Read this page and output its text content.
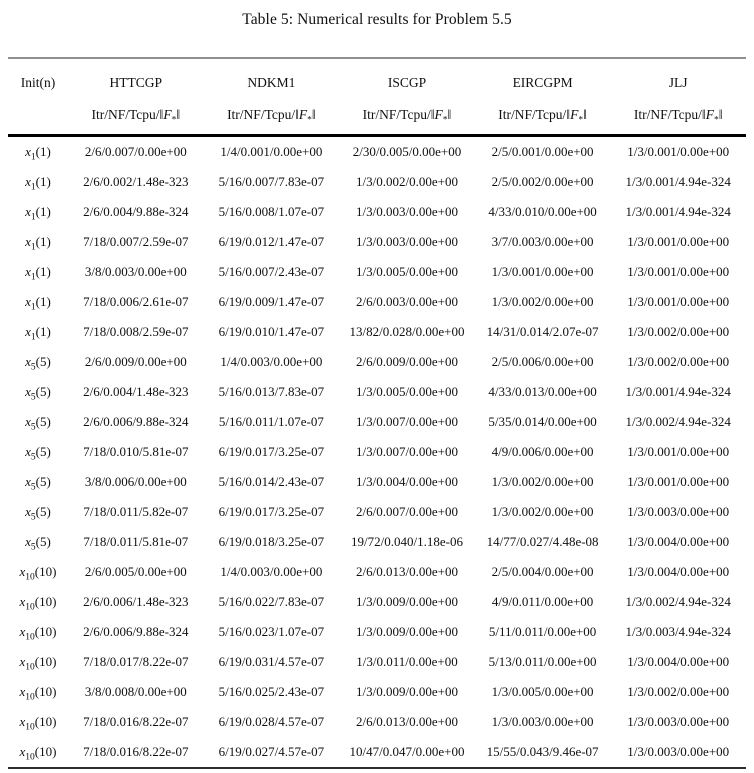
Table 5: Numerical results for Problem 5.5
Init(n)	HTTCGP	NDKM1	ISCGP	EIRCGPM	JLJ
	Itr/$NF/Tcpu/‖F_*‖$	Itr/$NF/Tcpu/‖F_*‖$	Itr/$NF/Tcpu/‖F_*‖$	Itr/$NF/Tcpu/‖F_*‖$	Itr/$NF/Tcpu/‖F_*‖$
$x_1(1)$	2/6/0.007/0.00e+00	1/4/0.001/0.00e+00	2/30/0.005/0.00e+00	2/5/0.001/0.00e+00	1/3/0.001/0.00e+00
$x_1(1)$	2/6/0.002/1.48e-323	5/16/0.007/7.83e-07	1/3/0.002/0.00e+00	2/5/0.002/0.00e+00	1/3/0.001/4.94e-324
$x_1(1)$	2/6/0.004/9.88e-324	5/16/0.008/1.07e-07	1/3/0.003/0.00e+00	4/33/0.010/0.00e+00	1/3/0.001/4.94e-324
$x_1(1)$	7/18/0.007/2.59e-07	6/19/0.012/1.47e-07	1/3/0.003/0.00e+00	3/7/0.003/0.00e+00	1/3/0.001/0.00e+00
$x_1(1)$	3/8/0.003/0.00e+00	5/16/0.007/2.43e-07	1/3/0.005/0.00e+00	1/3/0.001/0.00e+00	1/3/0.001/0.00e+00
$x_1(1)$	7/18/0.006/2.61e-07	6/19/0.009/1.47e-07	2/6/0.003/0.00e+00	1/3/0.002/0.00e+00	1/3/0.001/0.00e+00
$x_1(1)$	7/18/0.008/2.59e-07	6/19/0.010/1.47e-07	13/82/0.028/0.00e+00	14/31/0.014/2.07e-07	1/3/0.002/0.00e+00
$x_5(5)$	2/6/0.009/0.00e+00	1/4/0.003/0.00e+00	2/6/0.009/0.00e+00	2/5/0.006/0.00e+00	1/3/0.002/0.00e+00
$x_5(5)$	2/6/0.004/1.48e-323	5/16/0.013/7.83e-07	1/3/0.005/0.00e+00	4/33/0.013/0.00e+00	1/3/0.001/4.94e-324
$x_5(5)$	2/6/0.006/9.88e-324	5/16/0.011/1.07e-07	1/3/0.007/0.00e+00	5/35/0.014/0.00e+00	1/3/0.002/4.94e-324
$x_5(5)$	7/18/0.010/5.81e-07	6/19/0.017/3.25e-07	1/3/0.007/0.00e+00	4/9/0.006/0.00e+00	1/3/0.001/0.00e+00
$x_5(5)$	3/8/0.006/0.00e+00	5/16/0.014/2.43e-07	1/3/0.004/0.00e+00	1/3/0.002/0.00e+00	1/3/0.001/0.00e+00
$x_5(5)$	7/18/0.011/5.82e-07	6/19/0.017/3.25e-07	2/6/0.007/0.00e+00	1/3/0.002/0.00e+00	1/3/0.003/0.00e+00
$x_5(5)$	7/18/0.011/5.81e-07	6/19/0.018/3.25e-07	19/72/0.040/1.18e-06	14/77/0.027/4.48e-08	1/3/0.004/0.00e+00
$x_{10}(10)$	2/6/0.005/0.00e+00	1/4/0.003/0.00e+00	2/6/0.013/0.00e+00	2/5/0.004/0.00e+00	1/3/0.004/0.00e+00
$x_{10}(10)$	2/6/0.006/1.48e-323	5/16/0.022/7.83e-07	1/3/0.009/0.00e+00	4/9/0.011/0.00e+00	1/3/0.002/4.94e-324
$x_{10}(10)$	2/6/0.006/9.88e-324	5/16/0.023/1.07e-07	1/3/0.009/0.00e+00	5/11/0.011/0.00e+00	1/3/0.003/4.94e-324
$x_{10}(10)$	7/18/0.017/8.22e-07	6/19/0.031/4.57e-07	1/3/0.011/0.00e+00	5/13/0.011/0.00e+00	1/3/0.004/0.00e+00
$x_{10}(10)$	3/8/0.008/0.00e+00	5/16/0.025/2.43e-07	1/3/0.009/0.00e+00	1/3/0.005/0.00e+00	1/3/0.002/0.00e+00
$x_{10}(10)$	7/18/0.016/8.22e-07	6/19/0.028/4.57e-07	2/6/0.013/0.00e+00	1/3/0.003/0.00e+00	1/3/0.003/0.00e+00
$x_{10}(10)$	7/18/0.016/8.22e-07	6/19/0.027/4.57e-07	10/47/0.047/0.00e+00	15/55/0.043/9.46e-07	1/3/0.003/0.00e+00
